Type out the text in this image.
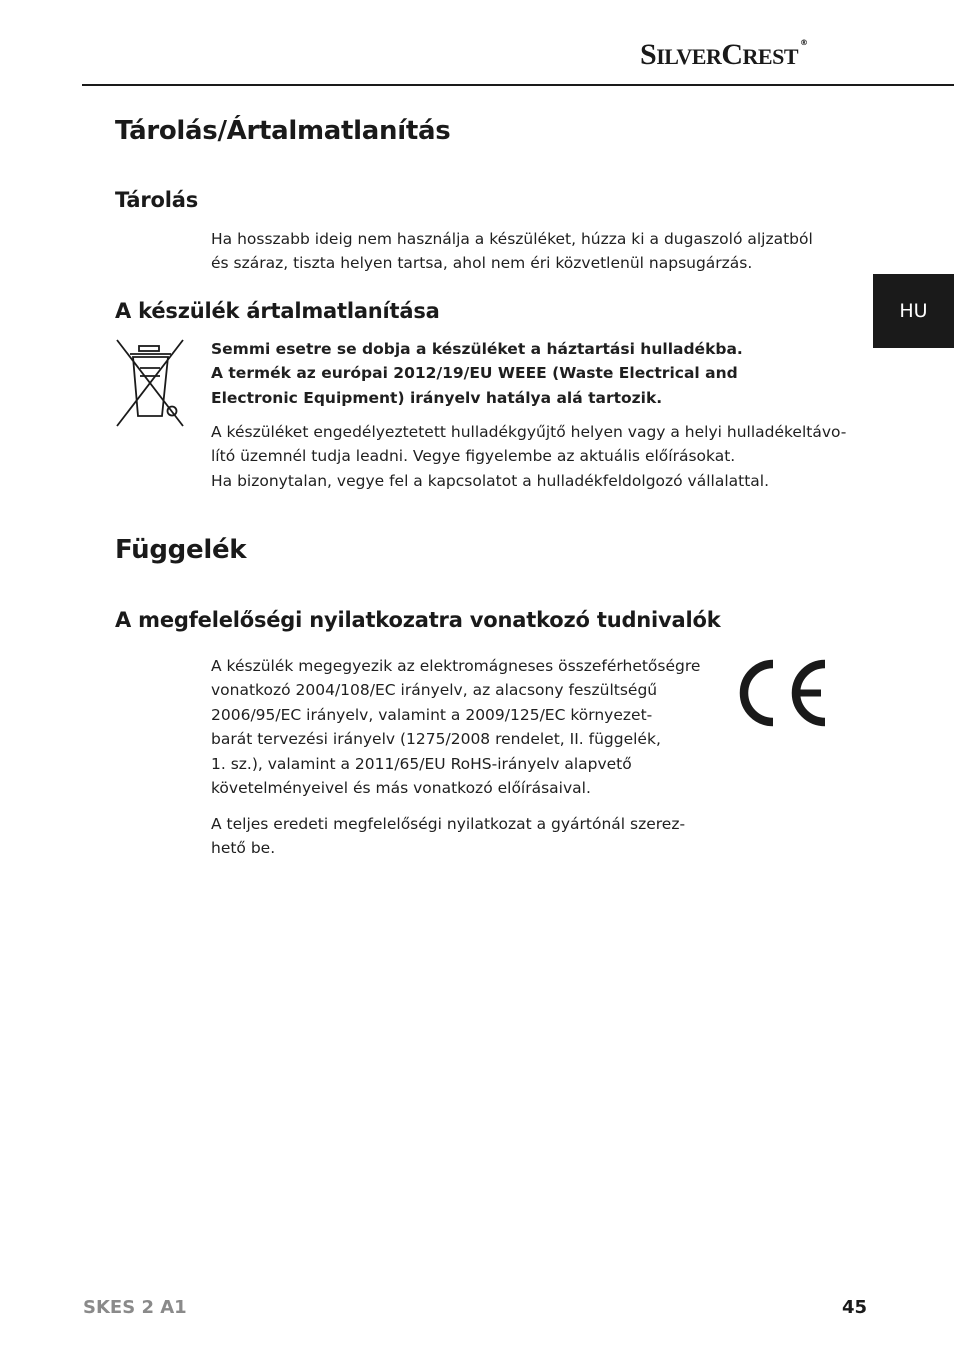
SILVERCREST®
HU
Tárolás/Ártalmatlanítás
Tárolás
Ha hosszabb ideig nem használja a készüléket, húzza ki a dugaszoló aljzatból
és száraz, tiszta helyen tartsa, ahol nem éri közvetlenül napsugárzás.
A készülék ártalmatlanítása
Semmi esetre se dobja a készüléket a háztartási hulladékba.
A termék az európai 2012/19/EU WEEE (Waste Electrical and
Electronic Equipment) irányelv hatálya alá tartozik.
A készüléket engedélyeztetett hulladékgyűjtő helyen vagy a helyi hulladékeltávo-
lító üzemnél tudja leadni. Vegye figyelembe az aktuális előírásokat.
Ha bizonytalan, vegye fel a kapcsolatot a hulladékfeldolgozó vállalattal.
Függelék
A megfelelőségi nyilatkozatra vonatkozó tudnivalók
A készülék megegyezik az elektromágneses összeférhetőségre
vonatkozó 2004/108/EC irányelv, az alacsony feszültségű
2006/95/EC irányelv, valamint a 2009/125/EC környezet-
barát tervezési irányelv (1275/2008 rendelet, II. függelék,
1. sz.), valamint a 2011/65/EU RoHS-irányelv alapvető
követelményeivel és más vonatkozó előírásaival.
A teljes eredeti megfelelőségi nyilatkozat a gyártónál szerez-
hető be.
SKES 2 A1	45
